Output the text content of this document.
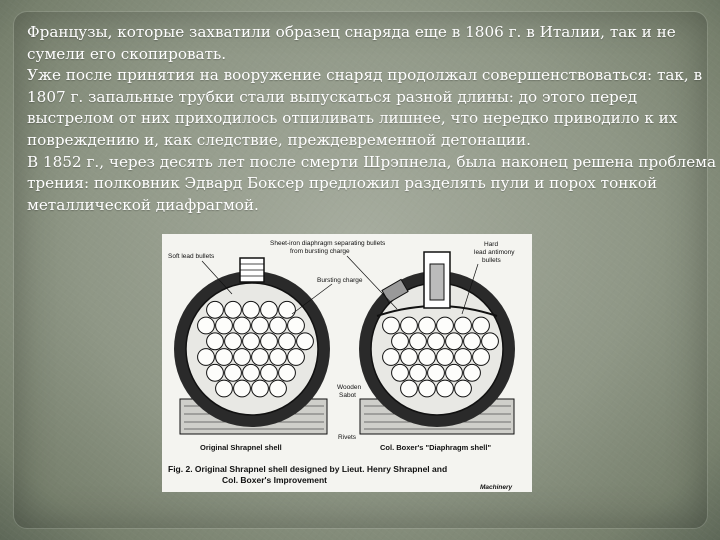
Французы, которые захватили образец снаряда еще в 1806 г. в Италии, так и не сумели его скопировать.

Уже после принятия на вооружение снаряд продолжал совершенствоваться: так, в 1807 г. запальные трубки стали выпускаться разной длины: до этого перед выстрелом от них приходилось отпиливать лишнее, что нередко приводило к их повреждению и, как следствие, преждевременной детонации.

В 1852 г., через десять лет после смерти Шрэпнела, была наконец решена проблема трения: полковник Эдвард Боксер предложил разделять пули и порох тонкой металлической диафрагмой.

Soft lead bullets
Sheet-iron diaphragm separating bullets
from bursting charge
Hard
lead antimony
bullets
Bursting charge
Wooden
Sabot
Rivets
Original Shrapnel shell	Col. Boxer's "Diaphragm shell"
Fig. 2. Original Shrapnel shell designed by Lieut. Henry Shrapnel and
Col. Boxer's Improvement
Machinery
